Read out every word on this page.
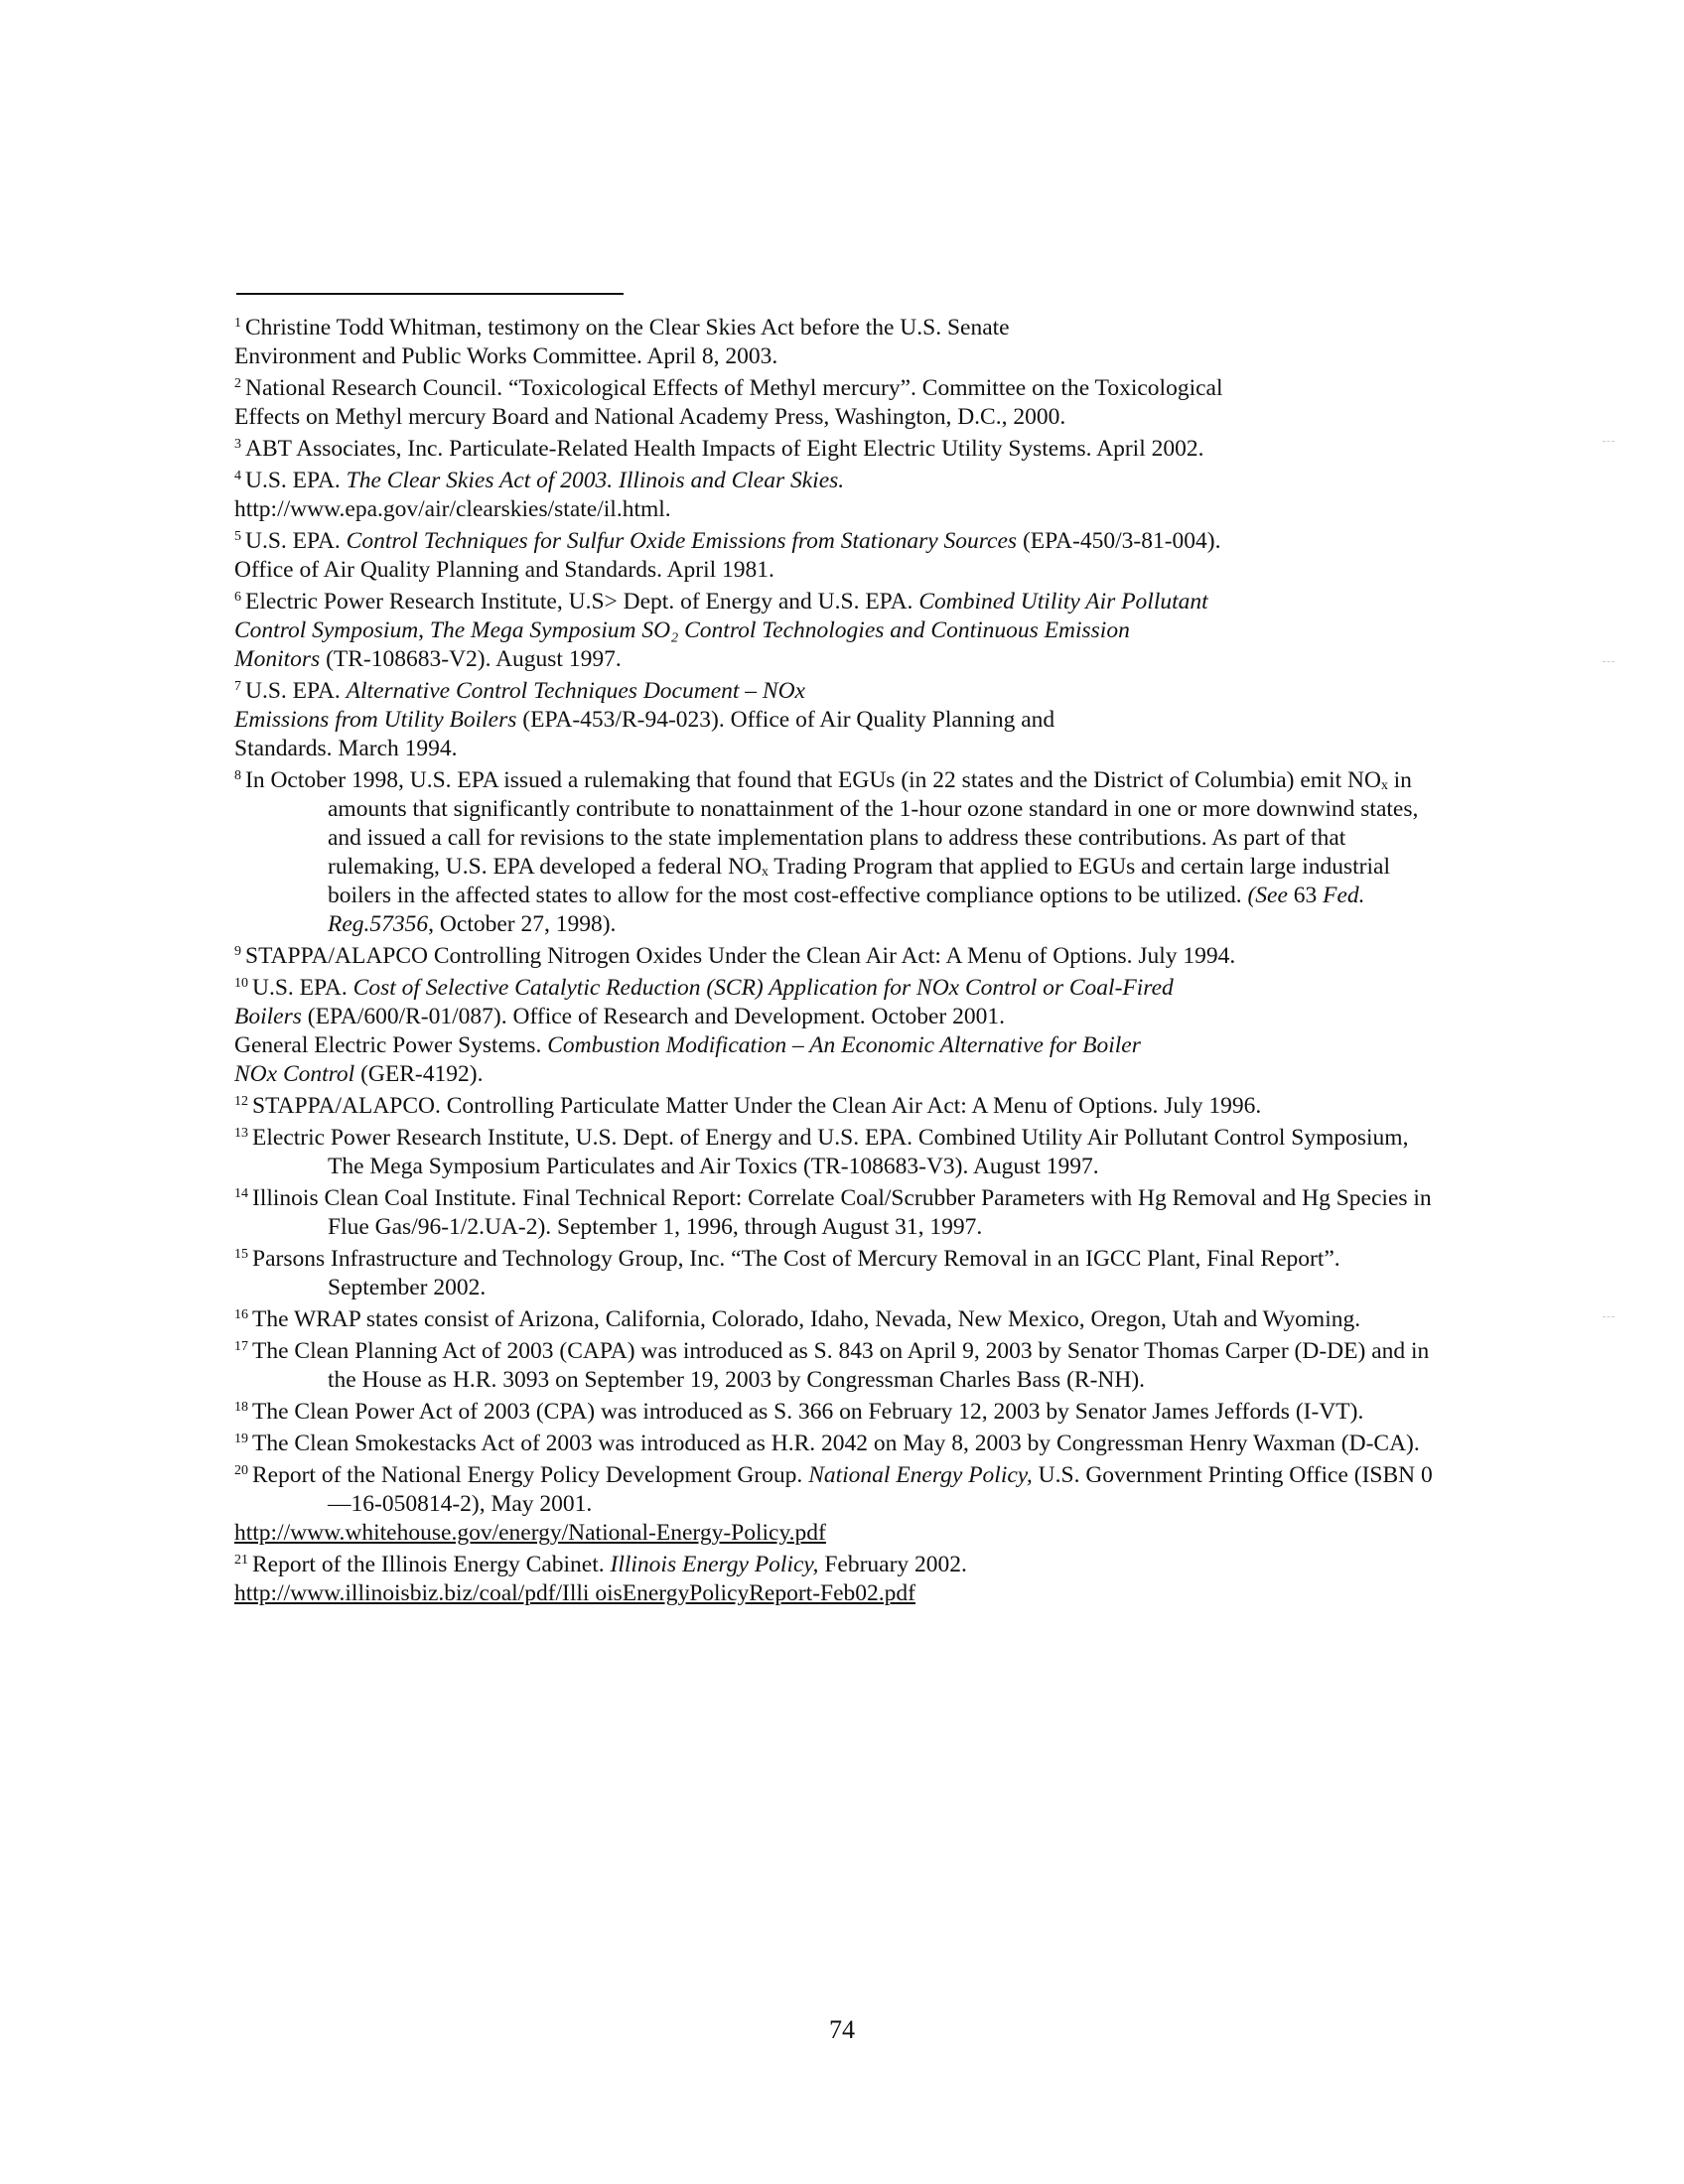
$^1$ Christine Todd Whitman, testimony on the Clear Skies Act before the U.S. Senate
Environment and Public Works Committee. April 8, 2003.

$^2$ National Research Council. “Toxicological Effects of Methyl mercury”. Committee on the Toxicological
Effects on Methyl mercury Board and National Academy Press, Washington, D.C., 2000.

$^3$ ABT Associates, Inc. Particulate-Related Health Impacts of Eight Electric Utility Systems. April 2002.

$^4$ U.S. EPA. The Clear Skies Act of 2003. Illinois and Clear Skies.
http://www.epa.gov/air/clearskies/state/il.html.

$^5$ U.S. EPA. Control Techniques for Sulfur Oxide Emissions from Stationary Sources (EPA-450/3-81-004).
Office of Air Quality Planning and Standards. April 1981.

$^6$ Electric Power Research Institute, U.S> Dept. of Energy and U.S. EPA. Combined Utility Air Pollutant
Control Symposium, The Mega Symposium SO₂ Control Technologies and Continuous Emission
Monitors (TR-108683-V2). August 1997.

$^7$ U.S. EPA. Alternative Control Techniques Document – NOx
Emissions from Utility Boilers (EPA-453/R-94-023). Office of Air Quality Planning and
Standards. March 1994.

$^8$ In October 1998, U.S. EPA issued a rulemaking that found that EGUs (in 22 states and the District of Columbia) emit NOₓ in amounts that significantly contribute to nonattainment of the 1-hour ozone standard in one or more downwind states, and issued a call for revisions to the state implementation plans to address these contributions. As part of that rulemaking, U.S. EPA developed a federal NOₓ Trading Program that applied to EGUs and certain large industrial boilers in the affected states to allow for the most cost-effective compliance options to be utilized. (See 63 Fed. Reg.57356, October 27, 1998).

$^9$ STAPPA/ALAPCO Controlling Nitrogen Oxides Under the Clean Air Act: A Menu of Options. July 1994.

$^{10}$ U.S. EPA. Cost of Selective Catalytic Reduction (SCR) Application for NOx Control or Coal-Fired
Boilers (EPA/600/R-01/087). Office of Research and Development. October 2001.
General Electric Power Systems. Combustion Modification – An Economic Alternative for Boiler
NOx Control (GER-4192).

$^{12}$ STAPPA/ALAPCO. Controlling Particulate Matter Under the Clean Air Act: A Menu of Options. July 1996.

$^{13}$ Electric Power Research Institute, U.S. Dept. of Energy and U.S. EPA. Combined Utility Air Pollutant Control Symposium, The Mega Symposium Particulates and Air Toxics (TR-108683-V3). August 1997.

$^{14}$ Illinois Clean Coal Institute. Final Technical Report: Correlate Coal/Scrubber Parameters with Hg Removal and Hg Species in Flue Gas/96-1/2.UA-2). September 1, 1996, through August 31, 1997.

$^{15}$ Parsons Infrastructure and Technology Group, Inc. “The Cost of Mercury Removal in an IGCC Plant, Final Report”. September 2002.

$^{16}$ The WRAP states consist of Arizona, California, Colorado, Idaho, Nevada, New Mexico, Oregon, Utah and Wyoming.

$^{17}$ The Clean Planning Act of 2003 (CAPA) was introduced as S. 843 on April 9, 2003 by Senator Thomas Carper (D-DE) and in the House as H.R. 3093 on September 19, 2003 by Congressman Charles Bass (R-NH).

$^{18}$ The Clean Power Act of 2003 (CPA) was introduced as S. 366 on February 12, 2003 by Senator James Jeffords (I-VT).

$^{19}$ The Clean Smokestacks Act of 2003 was introduced as H.R. 2042 on May 8, 2003 by Congressman Henry Waxman (D-CA).

$^{20}$ Report of the National Energy Policy Development Group. National Energy Policy, U.S. Government Printing Office (ISBN 0—16-050814-2), May 2001.
http://www.whitehouse.gov/energy/National-Energy-Policy.pdf

$^{21}$ Report of the Illinois Energy Cabinet. Illinois Energy Policy, February 2002.
http://www.illinoisbiz.biz/coal/pdf/Illi oisEnergyPolicyReport-Feb02.pdf

74
